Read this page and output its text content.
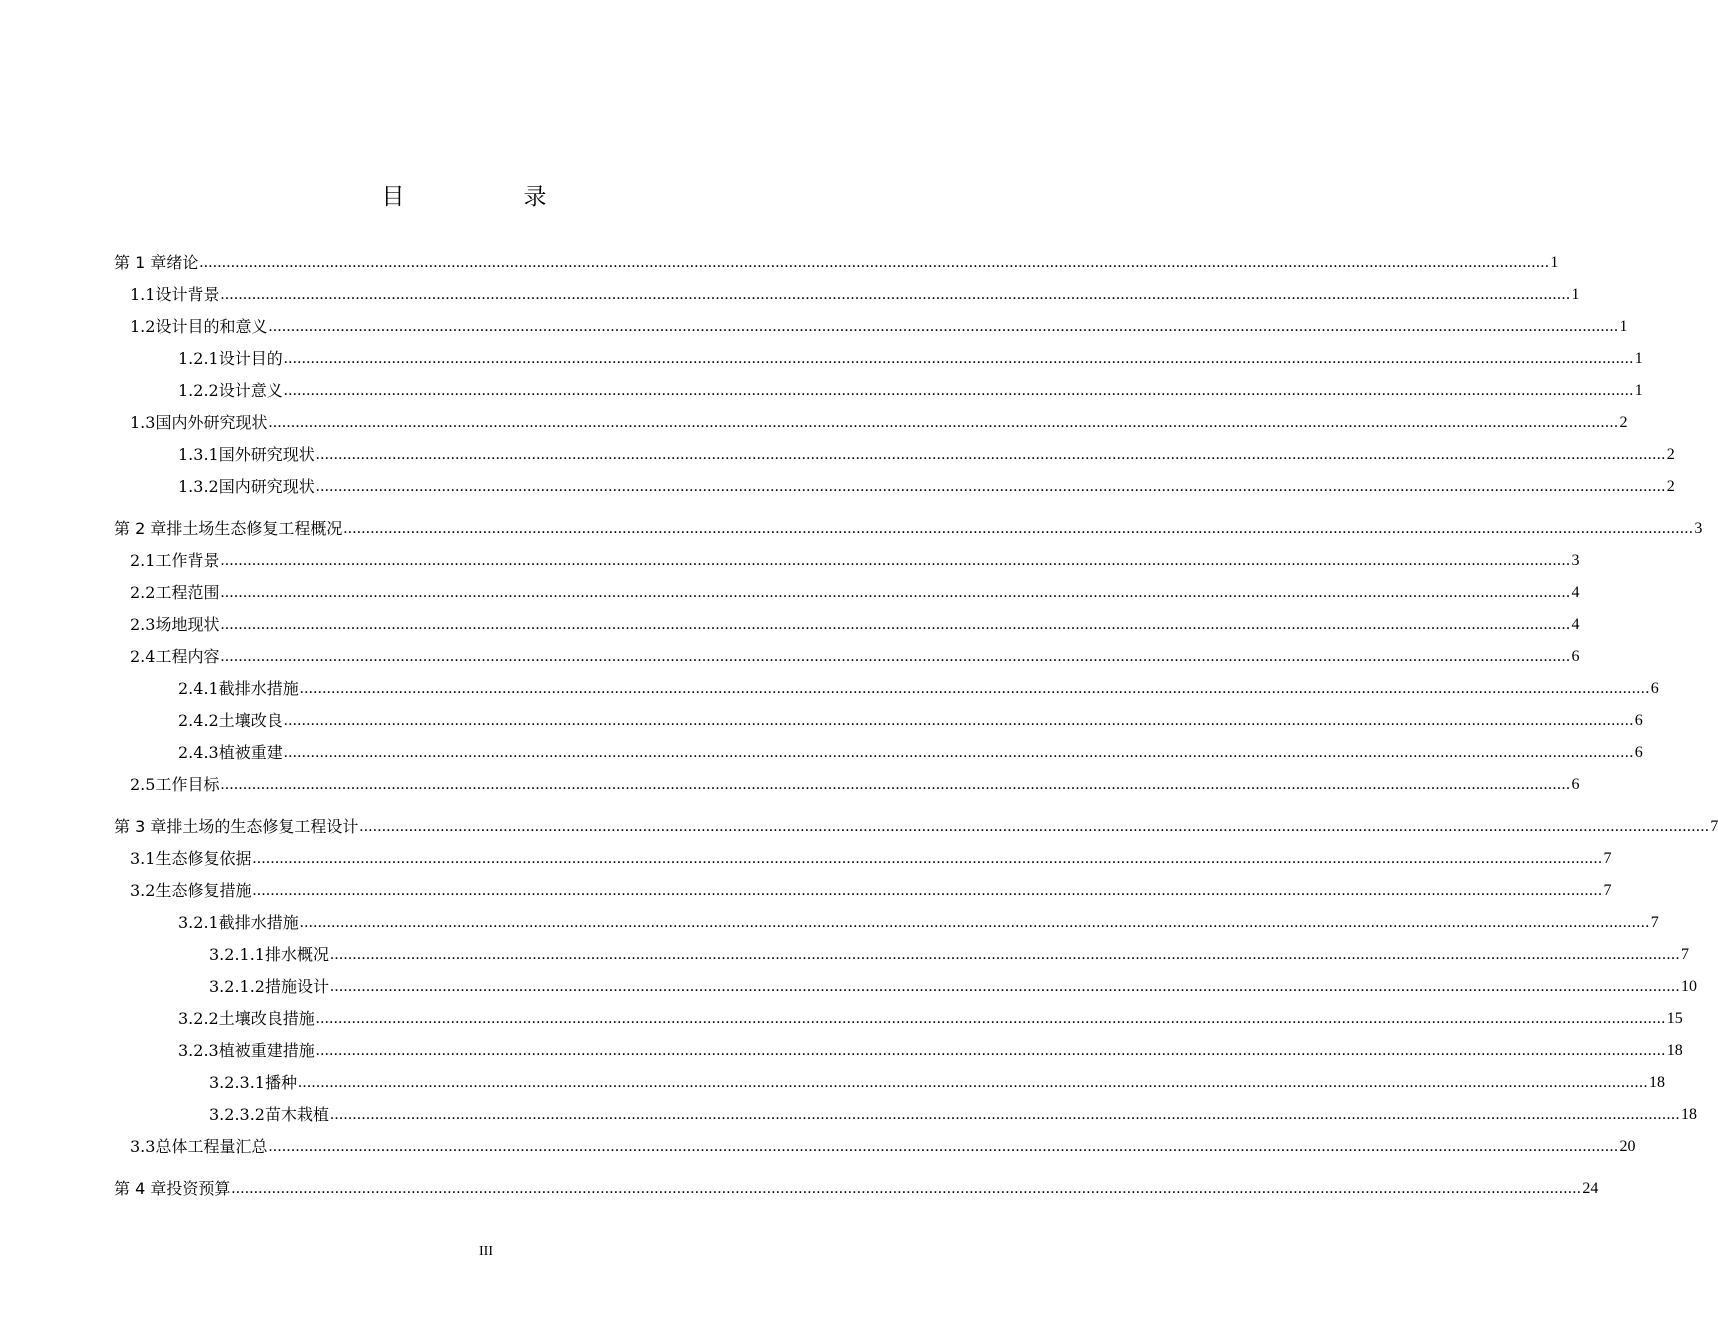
目　录
第 1 章 绪论 ............................................................................................................................................................................................................................................................................................................ 1
1.1 设计背景 ............................................................................................................................................................................................................................................................................................................ 1
1.2 设计目的和意义 ............................................................................................................................................................................................................................................................................................................ 1
1.2.1 设计目的 ............................................................................................................................................................................................................................................................................................................ 1
1.2.2 设计意义 ............................................................................................................................................................................................................................................................................................................ 1
1.3 国内外研究现状 ............................................................................................................................................................................................................................................................................................................ 2
1.3.1 国外研究现状 ............................................................................................................................................................................................................................................................................................................ 2
1.3.2 国内研究现状 ............................................................................................................................................................................................................................................................................................................ 2
第 2 章 排土场生态修复工程概况 ............................................................................................................................................................................................................................................................................................................ 3
2.1 工作背景 ............................................................................................................................................................................................................................................................................................................ 3
2.2 工程范围 ............................................................................................................................................................................................................................................................................................................ 4
2.3 场地现状 ............................................................................................................................................................................................................................................................................................................ 4
2.4 工程内容 ............................................................................................................................................................................................................................................................................................................ 6
2.4.1 截排水措施 ............................................................................................................................................................................................................................................................................................................ 6
2.4.2 土壤改良 ............................................................................................................................................................................................................................................................................................................ 6
2.4.3 植被重建 ............................................................................................................................................................................................................................................................................................................ 6
2.5 工作目标 ............................................................................................................................................................................................................................................................................................................ 6
第 3 章 排土场的生态修复工程设计 ............................................................................................................................................................................................................................................................................................................ 7
3.1 生态修复依据 ............................................................................................................................................................................................................................................................................................................ 7
3.2 生态修复措施 ............................................................................................................................................................................................................................................................................................................ 7
3.2.1 截排水措施 ............................................................................................................................................................................................................................................................................................................ 7
3.2.1.1 排水概况 ............................................................................................................................................................................................................................................................................................................ 7
3.2.1.2 措施设计 ............................................................................................................................................................................................................................................................................................................ 10
3.2.2 土壤改良措施 ............................................................................................................................................................................................................................................................................................................ 15
3.2.3 植被重建措施 ............................................................................................................................................................................................................................................................................................................ 18
3.2.3.1 播种 ............................................................................................................................................................................................................................................................................................................ 18
3.2.3.2 苗木栽植 ............................................................................................................................................................................................................................................................................................................ 18
3.3 总体工程量汇总 ............................................................................................................................................................................................................................................................................................................ 20
第 4 章 投资预算 ............................................................................................................................................................................................................................................................................................................ 24
III
